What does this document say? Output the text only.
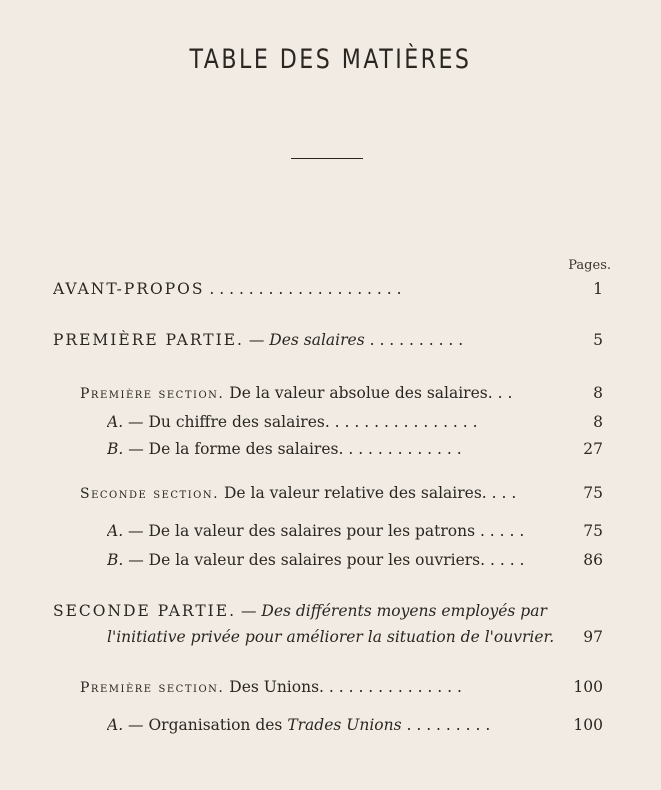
TABLE DES MATIÈRES
Pages.
AVANT-PROPOS . . . . . . . . . . . . . . . . . . . .	1
PREMIÈRE PARTIE. — Des salaires . . . . . . . . . .	5
Première section. De la valeur absolue des salaires. . .	8
A. — Du chiffre des salaires. . . . . . . . . . . . . . . .	8
B. — De la forme des salaires. . . . . . . . . . . . .	27
Seconde section. De la valeur relative des salaires. . . .	75
A. — De la valeur des salaires pour les patrons . . . . .	75
B. — De la valeur des salaires pour les ouvriers. . . . .	86
SECONDE PARTIE. — Des différents moyens employés par
l'initiative privée pour améliorer la situation de l'ouvrier.	97
Première section. Des Unions. . . . . . . . . . . . . . .	100
A. — Organisation des Trades Unions . . . . . . . . .	100
